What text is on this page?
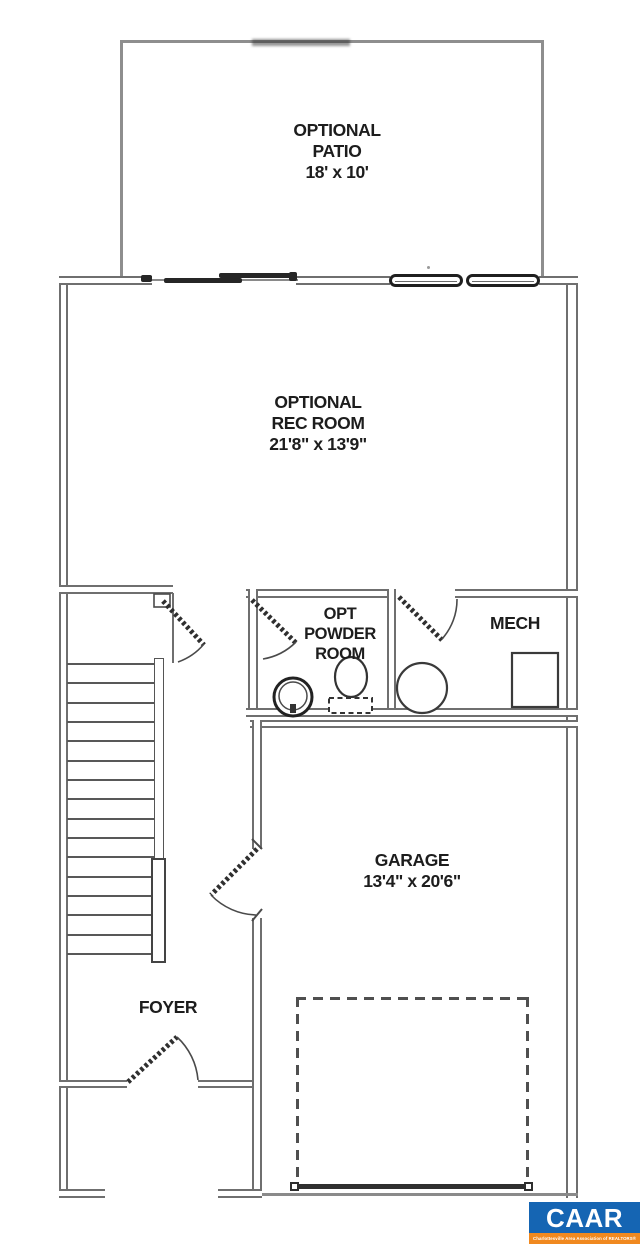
OPTIONAL
PATIO
18' x 10'
OPTIONAL
REC ROOM
21'8" x 13'9"
OPT
POWDER
ROOM
MECH
GARAGE
13'4" x 20'6"
FOYER
CAAR
Charlottesville Area Association of REALTORS®
